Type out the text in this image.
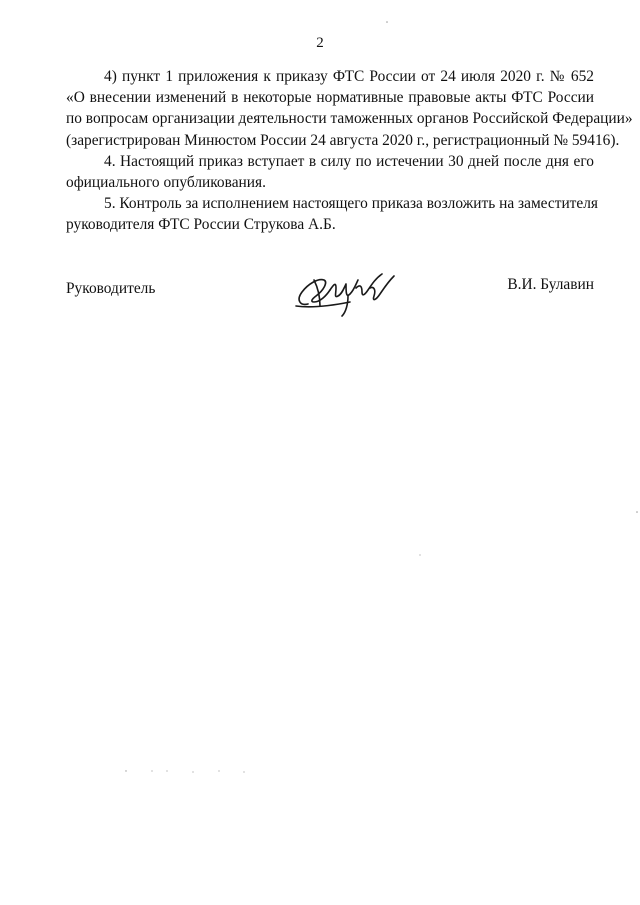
2

4) пункт 1 приложения к приказу ФТС России от 24 июля 2020 г. № 652
«О внесении изменений в некоторые нормативные правовые акты ФТС России
по вопросам организации деятельности таможенных органов Российской Федерации»
(зарегистрирован Минюстом России 24 августа 2020 г., регистрационный № 59416).

4. Настоящий приказ вступает в силу по истечении 30 дней после дня его
официального опубликования.

5. Контроль за исполнением настоящего приказа возложить на заместителя
руководителя ФТС России Струкова А.Б.

Руководитель	В.И. Булавин
